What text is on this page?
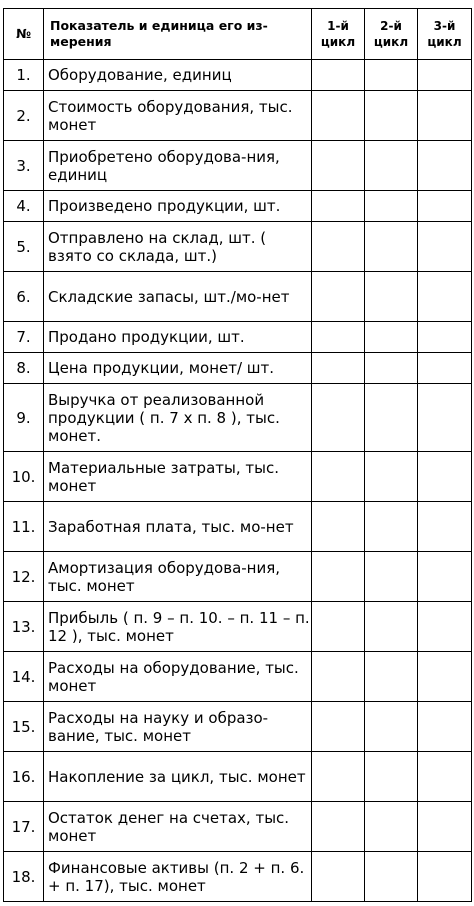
№	Показатель и единица его из-мерения	1-й цикл	2-й цикл	3-й цикл
1.	Оборудование, единиц			
2.	Стоимость оборудования, тыс. монет			
3.	Приобретено оборудова-ния, единиц			
4.	Произведено продукции, шт.			
5.	Отправлено на склад, шт. ( взято со склада, шт.)			
6.	Складские запасы, шт./мо-нет			
7.	Продано продукции, шт.			
8.	Цена продукции, монет/ шт.			
9.	Выручка от реализованной продукции ( п. 7 х п. 8 ), тыс. монет.			
10.	Материальные затраты, тыс. монет			
11.	Заработная плата, тыс. мо-нет			
12.	Амортизация оборудова-ния, тыс. монет			
13.	Прибыль ( п. 9 – п. 10. – п. 11 – п. 12 ), тыс. монет			
14.	Расходы на оборудование, тыс. монет			
15.	Расходы на науку и образо-вание, тыс. монет			
16.	Накопление за цикл, тыс. монет			
17.	Остаток денег на счетах, тыс. монет			
18.	Финансовые активы (п. 2 + п. 6. + п. 17), тыс. монет			
